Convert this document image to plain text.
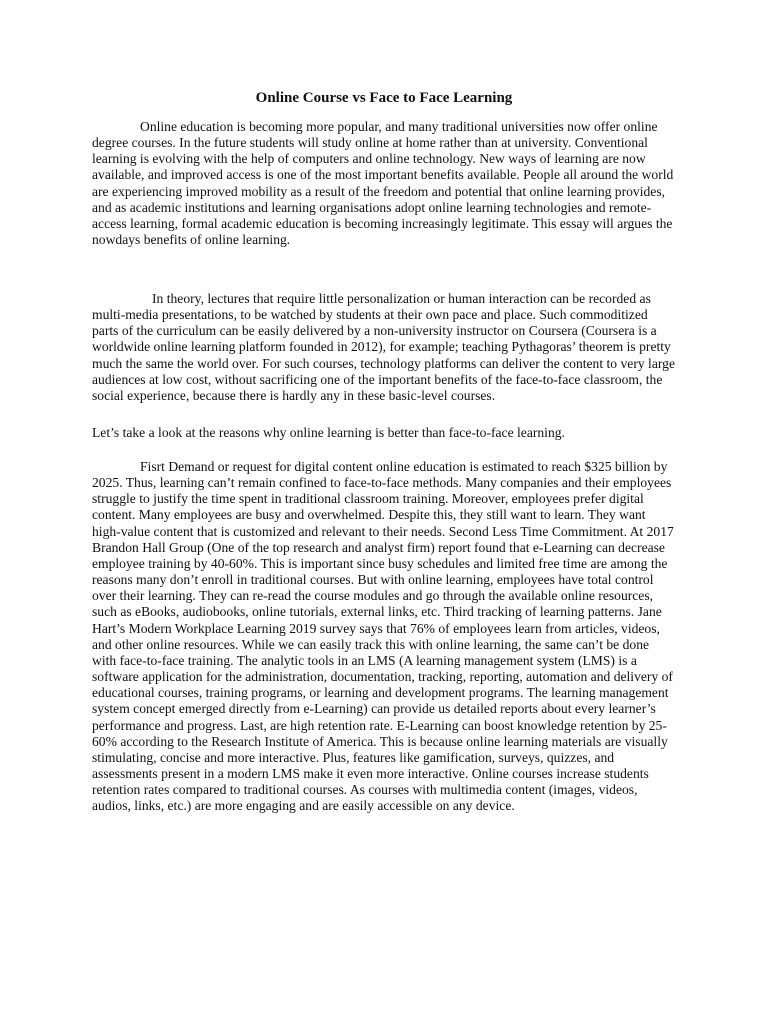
Online Course vs Face to Face Learning

Online education is becoming more popular, and many traditional universities now offer online degree courses. In the future students will study online at home rather than at university. Conventional learning is evolving with the help of computers and online technology. New ways of learning are now available, and improved access is one of the most important benefits available. People all around the world are experiencing improved mobility as a result of the freedom and potential that online learning provides, and as academic institutions and learning organisations adopt online learning technologies and remote-access learning, formal academic education is becoming increasingly legitimate. This essay will argues the nowdays benefits of online learning.

In theory, lectures that require little personalization or human interaction can be recorded as multi-media presentations, to be watched by students at their own pace and place. Such commoditized parts of the curriculum can be easily delivered by a non-university instructor on Coursera (Coursera is a worldwide online learning platform founded in 2012), for example; teaching Pythagoras’ theorem is pretty much the same the world over. For such courses, technology platforms can deliver the content to very large audiences at low cost, without sacrificing one of the important benefits of the face-to-face classroom, the social experience, because there is hardly any in these basic-level courses.

Let’s take a look at the reasons why online learning is better than face-to-face learning.

Fisrt Demand or request for digital content online education is estimated to reach $325 billion by 2025. Thus, learning can’t remain confined to face-to-face methods. Many companies and their employees struggle to justify the time spent in traditional classroom training. Moreover, employees prefer digital content. Many employees are busy and overwhelmed. Despite this, they still want to learn. They want high-value content that is customized and relevant to their needs. Second Less Time Commitment. At 2017 Brandon Hall Group (One of the top research and analyst firm) report found that e-Learning can decrease employee training by 40-60%. This is important since busy schedules and limited free time are among the reasons many don’t enroll in traditional courses. But with online learning, employees have total control over their learning. They can re-read the course modules and go through the available online resources, such as eBooks, audiobooks, online tutorials, external links, etc. Third tracking of learning patterns. Jane Hart’s Modern Workplace Learning 2019 survey says that 76% of employees learn from articles, videos, and other online resources. While we can easily track this with online learning, the same can’t be done with face-to-face training. The analytic tools in an LMS (A learning management system (LMS) is a software application for the administration, documentation, tracking, reporting, automation and delivery of educational courses, training programs, or learning and development programs. The learning management system concept emerged directly from e-Learning) can provide us detailed reports about every learner’s performance and progress. Last, are high retention rate. E-Learning can boost knowledge retention by 25-60% according to the Research Institute of America. This is because online learning materials are visually stimulating, concise and more interactive. Plus, features like gamification, surveys, quizzes, and assessments present in a modern LMS make it even more interactive. Online courses increase students retention rates compared to traditional courses. As courses with multimedia content (images, videos, audios, links, etc.) are more engaging and are easily accessible on any device.
